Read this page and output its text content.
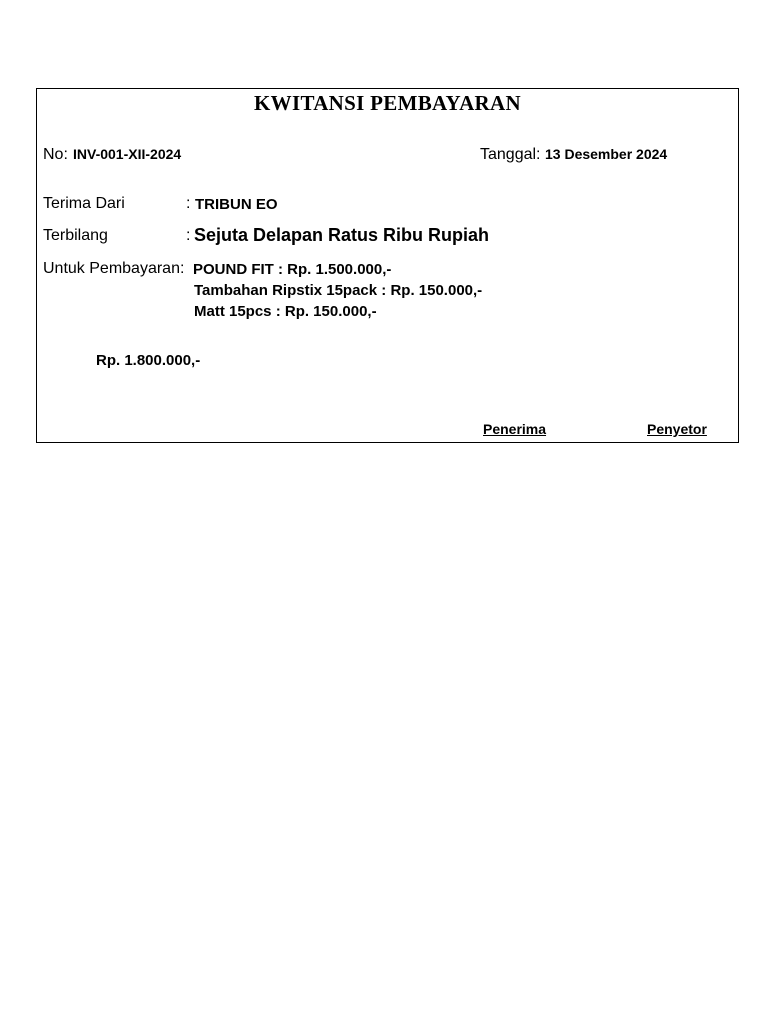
KWITANSI PEMBAYARAN
No: INV-001-XII-2024	Tanggal: 13 Desember 2024
Terima Dari	: TRIBUN EO
Terbilang	: Sejuta Delapan Ratus Ribu Rupiah
Untuk Pembayaran: POUND FIT : Rp. 1.500.000,-
Tambahan Ripstix 15pack : Rp. 150.000,-
Matt 15pcs : Rp. 150.000,-
Rp. 1.800.000,-
Penerima	Penyetor
